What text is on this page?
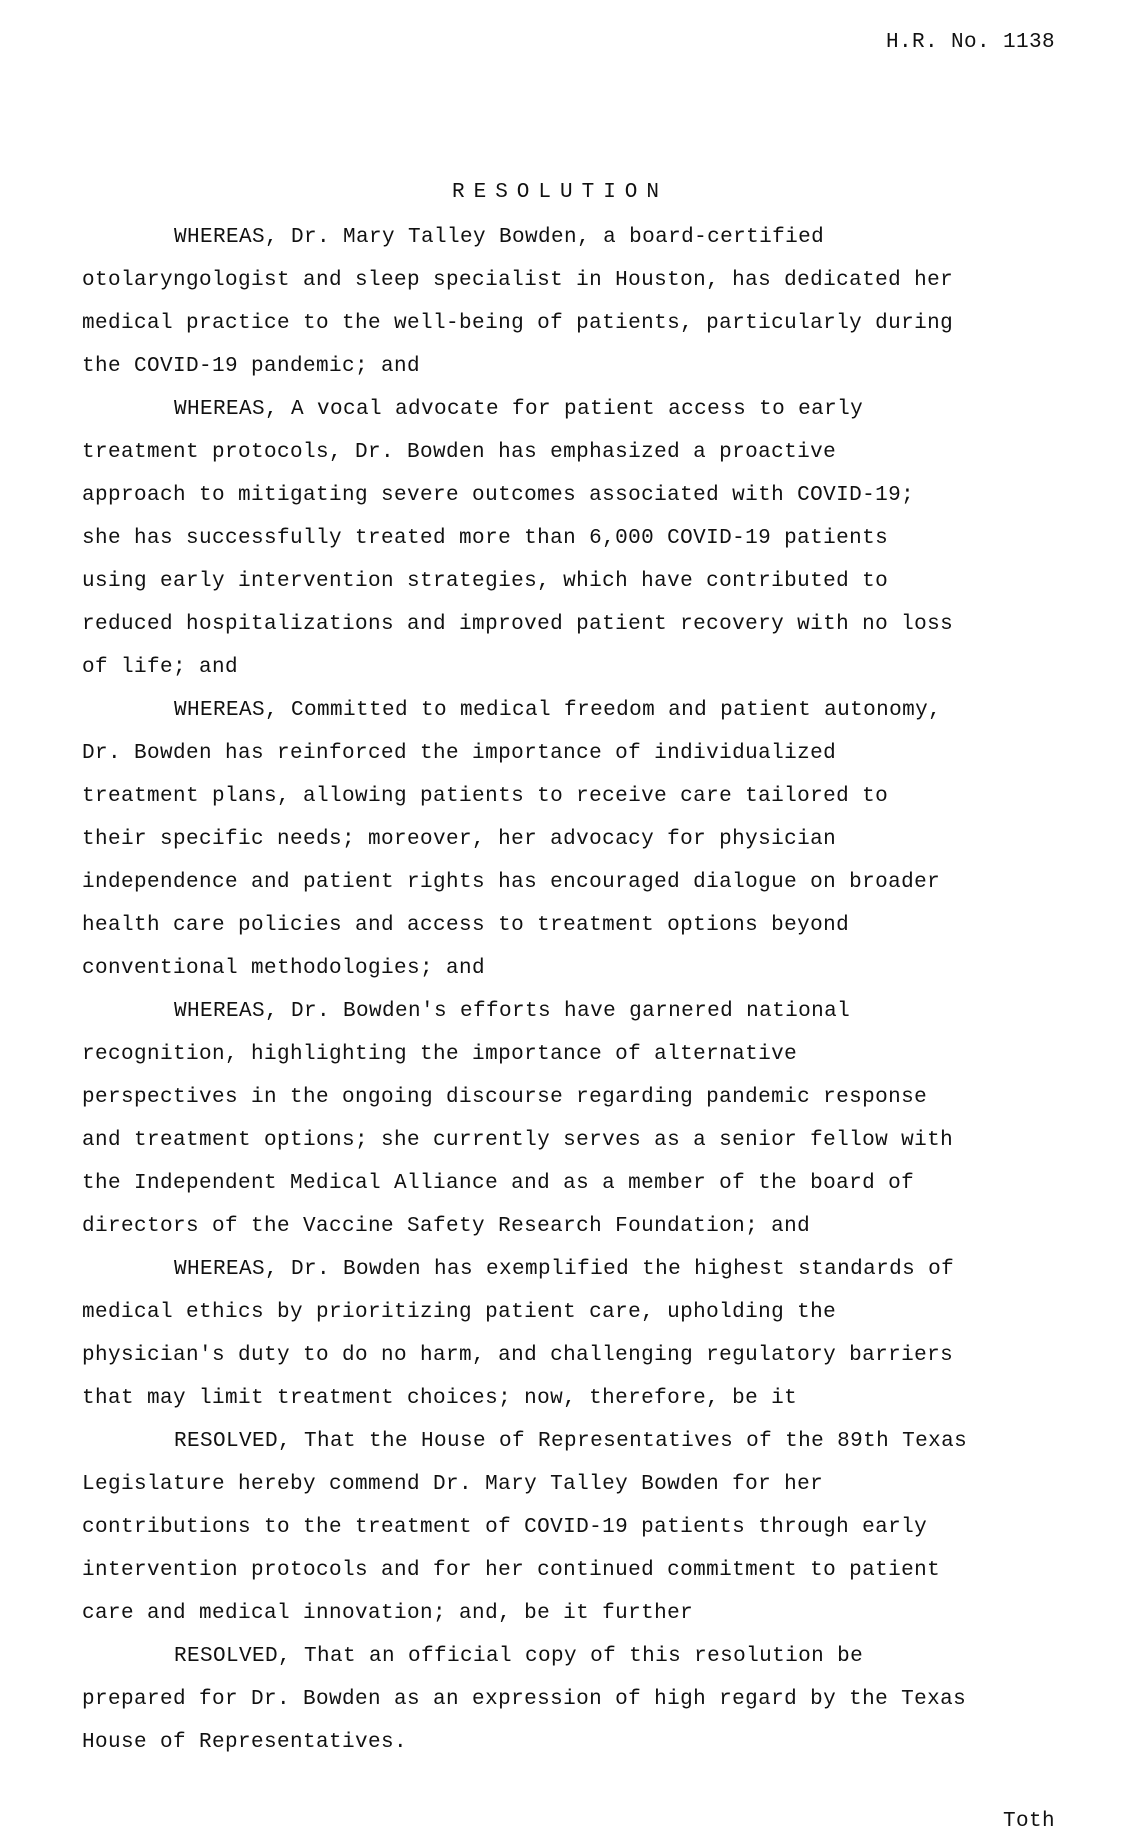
H.R. No. 1138
RESOLUTION
WHEREAS, Dr. Mary Talley Bowden, a board-certified
otolaryngologist and sleep specialist in Houston, has dedicated her
medical practice to the well-being of patients, particularly during
the COVID-19 pandemic; and
WHEREAS, A vocal advocate for patient access to early
treatment protocols, Dr. Bowden has emphasized a proactive
approach to mitigating severe outcomes associated with COVID-19;
she has successfully treated more than 6,000 COVID-19 patients
using early intervention strategies, which have contributed to
reduced hospitalizations and improved patient recovery with no loss
of life; and
WHEREAS, Committed to medical freedom and patient autonomy,
Dr. Bowden has reinforced the importance of individualized
treatment plans, allowing patients to receive care tailored to
their specific needs; moreover, her advocacy for physician
independence and patient rights has encouraged dialogue on broader
health care policies and access to treatment options beyond
conventional methodologies; and
WHEREAS, Dr. Bowden's efforts have garnered national
recognition, highlighting the importance of alternative
perspectives in the ongoing discourse regarding pandemic response
and treatment options; she currently serves as a senior fellow with
the Independent Medical Alliance and as a member of the board of
directors of the Vaccine Safety Research Foundation; and
WHEREAS, Dr. Bowden has exemplified the highest standards of
medical ethics by prioritizing patient care, upholding the
physician's duty to do no harm, and challenging regulatory barriers
that may limit treatment choices; now, therefore, be it
RESOLVED, That the House of Representatives of the 89th Texas
Legislature hereby commend Dr. Mary Talley Bowden for her
contributions to the treatment of COVID-19 patients through early
intervention protocols and for her continued commitment to patient
care and medical innovation; and, be it further
RESOLVED, That an official copy of this resolution be
prepared for Dr. Bowden as an expression of high regard by the Texas
House of Representatives.
Toth
